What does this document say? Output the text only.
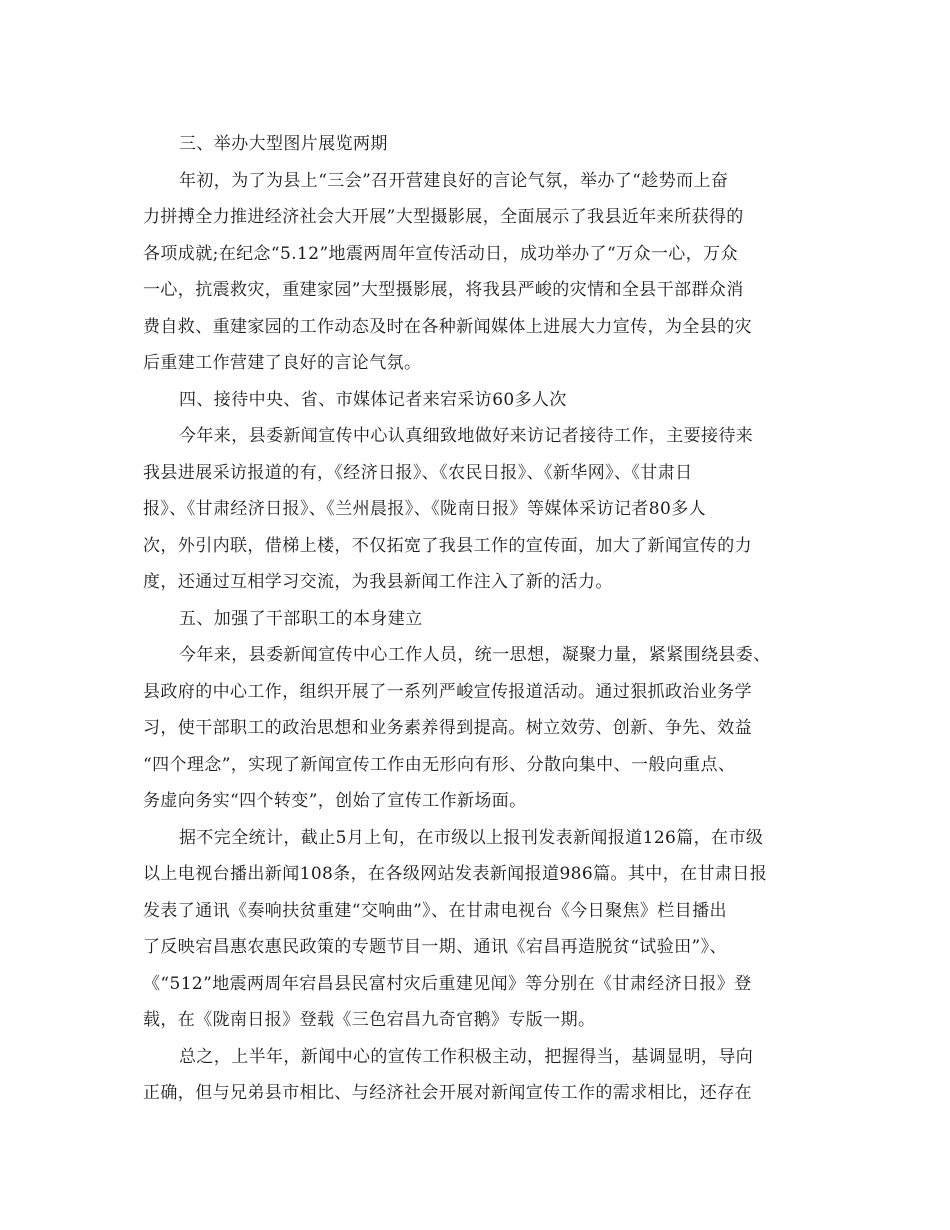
三、举办大型图片展览两期
年初，为了为县上“三会”召开营建良好的言论气氛，举办了“趁势而上奋
力拼搏全力推进经济社会大开展”大型摄影展，全面展示了我县近年来所获得的
各项成就;在纪念“5.12”地震两周年宣传活动日，成功举办了“万众一心，万众
一心，抗震救灾，重建家园”大型摄影展，将我县严峻的灾情和全县干部群众消
费自救、重建家园的工作动态及时在各种新闻媒体上进展大力宣传，为全县的灾
后重建工作营建了良好的言论气氛。
四、接待中央、省、市媒体记者来宕采访60多人次
今年来，县委新闻宣传中心认真细致地做好来访记者接待工作，主要接待来
我县进展采访报道的有，《经济日报》、《农民日报》、《新华网》、《甘肃日
报》、《甘肃经济日报》、《兰州晨报》、《陇南日报》等媒体采访记者80多人
次，外引内联，借梯上楼，不仅拓宽了我县工作的宣传面，加大了新闻宣传的力
度，还通过互相学习交流，为我县新闻工作注入了新的活力。
五、加强了干部职工的本身建立
今年来，县委新闻宣传中心工作人员，统一思想，凝聚力量，紧紧围绕县委、
县政府的中心工作，组织开展了一系列严峻宣传报道活动。通过狠抓政治业务学
习，使干部职工的政治思想和业务素养得到提高。树立效劳、创新、争先、效益
“四个理念”，实现了新闻宣传工作由无形向有形、分散向集中、一般向重点、
务虚向务实“四个转变”，创始了宣传工作新场面。
据不完全统计，截止5月上旬，在市级以上报刊发表新闻报道126篇，在市级
以上电视台播出新闻108条，在各级网站发表新闻报道986篇。其中，在甘肃日报
发表了通讯《奏响扶贫重建“交响曲”》、在甘肃电视台《今日聚焦》栏目播出
了反映宕昌惠农惠民政策的专题节目一期、通讯《宕昌再造脱贫“试验田”》、
《“512”地震两周年宕昌县民富村灾后重建见闻》等分别在《甘肃经济日报》登
载，在《陇南日报》登载《三色宕昌九奇官鹅》专版一期。
总之，上半年，新闻中心的宣传工作积极主动，把握得当，基调显明，导向
正确，但与兄弟县市相比、与经济社会开展对新闻宣传工作的需求相比，还存在
